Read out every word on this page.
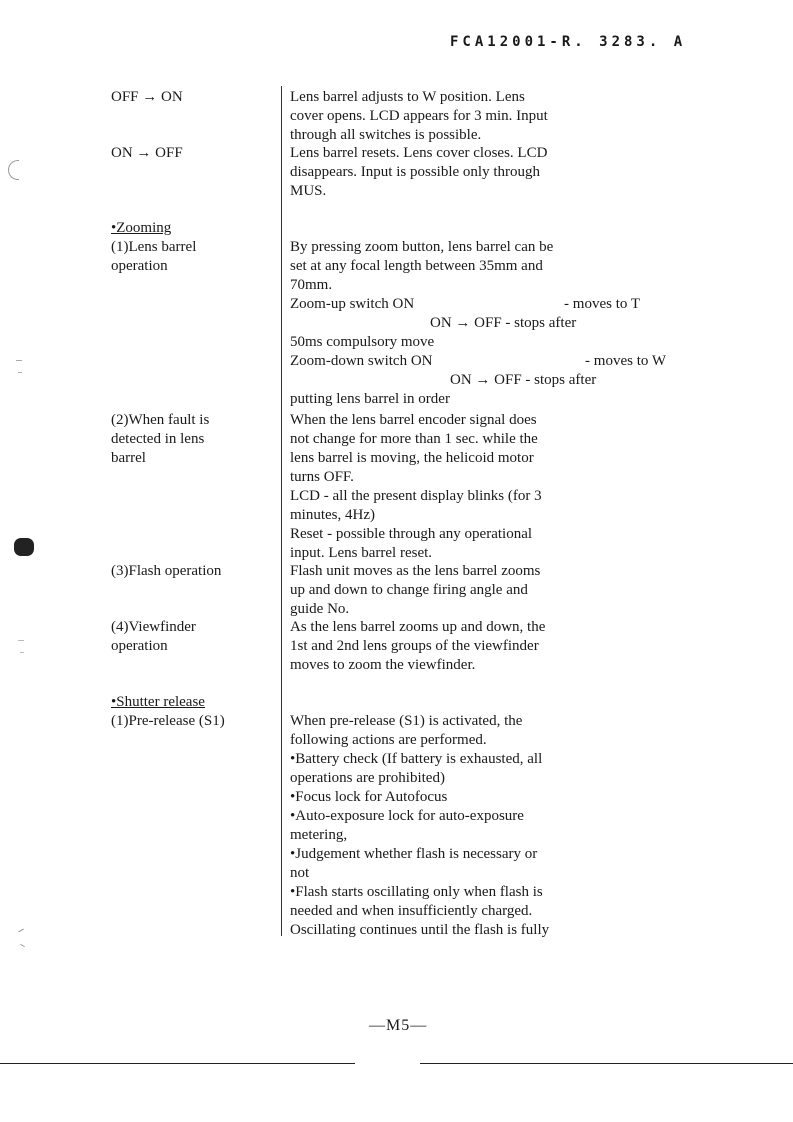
FCA12001-R. 3283. A
OFF → ON
ON → OFF
•Zooming
(1)Lens barrel
operation
(2)When fault is
detected in lens
barrel
(3)Flash operation
(4)Viewfinder
operation
•Shutter release
(1)Pre-release (S1)
Lens barrel adjusts to W position. Lens
cover opens. LCD appears for 3 min. Input
through all switches is possible.
Lens barrel resets. Lens cover closes. LCD
disappears. Input is possible only through
MUS.
By pressing zoom button, lens barrel can be
set at any focal length between 35mm and
70mm.
Zoom-up switch ON	- moves to T
ON → OFF - stops after
50ms compulsory move
Zoom-down switch ON	- moves to W
ON → OFF - stops after
putting lens barrel in order
When the lens barrel encoder signal does
not change for more than 1 sec. while the
lens barrel is moving, the helicoid motor
turns OFF.
LCD - all the present display blinks (for 3
minutes, 4Hz)
Reset - possible through any operational
input. Lens barrel reset.
Flash unit moves as the lens barrel zooms
up and down to change firing angle and
guide No.
As the lens barrel zooms up and down, the
1st and 2nd lens groups of the viewfinder
moves to zoom the viewfinder.
When pre-release (S1) is activated, the
following actions are performed.
•Battery check (If battery is exhausted, all
operations are prohibited)
•Focus lock for Autofocus
•Auto-exposure lock for auto-exposure
metering,
•Judgement whether flash is necessary or
not
•Flash starts oscillating only when flash is
needed and when insufficiently charged.
Oscillating continues until the flash is fully
—M5—
